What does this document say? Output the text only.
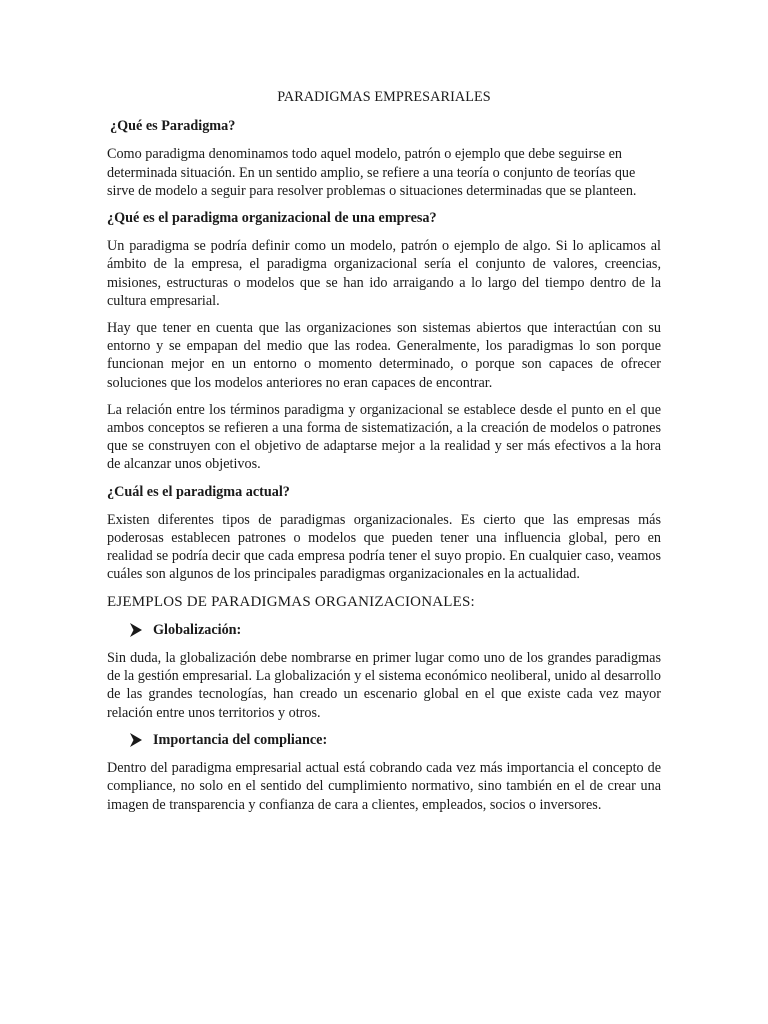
PARADIGMAS EMPRESARIALES
¿Qué es Paradigma?

Como paradigma denominamos todo aquel modelo, patrón o ejemplo que debe seguirse en determinada situación. En un sentido amplio, se refiere a una teoría o conjunto de teorías que sirve de modelo a seguir para resolver problemas o situaciones determinadas que se planteen.

¿Qué es el paradigma organizacional de una empresa?

Un paradigma se podría definir como un modelo, patrón o ejemplo de algo. Si lo aplicamos al ámbito de la empresa, el paradigma organizacional sería el conjunto de valores, creencias, misiones, estructuras o modelos que se han ido arraigando a lo largo del tiempo dentro de la cultura empresarial.

Hay que tener en cuenta que las organizaciones son sistemas abiertos que interactúan con su entorno y se empapan del medio que las rodea. Generalmente, los paradigmas lo son porque funcionan mejor en un entorno o momento determinado, o porque son capaces de ofrecer soluciones que los modelos anteriores no eran capaces de encontrar.

La relación entre los términos paradigma y organizacional se establece desde el punto en el que ambos conceptos se refieren a una forma de sistematización, a la creación de modelos o patrones que se construyen con el objetivo de adaptarse mejor a la realidad y ser más efectivos a la hora de alcanzar unos objetivos.

¿Cuál es el paradigma actual?

Existen diferentes tipos de paradigmas organizacionales. Es cierto que las empresas más poderosas establecen patrones o modelos que pueden tener una influencia global, pero en realidad se podría decir que cada empresa podría tener el suyo propio. En cualquier caso, veamos cuáles son algunos de los principales paradigmas organizacionales en la actualidad.

EJEMPLOS DE PARADIGMAS ORGANIZACIONALES:
Globalización:

Sin duda, la globalización debe nombrarse en primer lugar como uno de los grandes paradigmas de la gestión empresarial. La globalización y el sistema económico neoliberal, unido al desarrollo de las grandes tecnologías, han creado un escenario global en el que existe cada vez mayor relación entre unos territorios y otros.

Importancia del compliance:

Dentro del paradigma empresarial actual está cobrando cada vez más importancia el concepto de compliance, no solo en el sentido del cumplimiento normativo, sino también en el de crear una imagen de transparencia y confianza de cara a clientes, empleados, socios o inversores.
